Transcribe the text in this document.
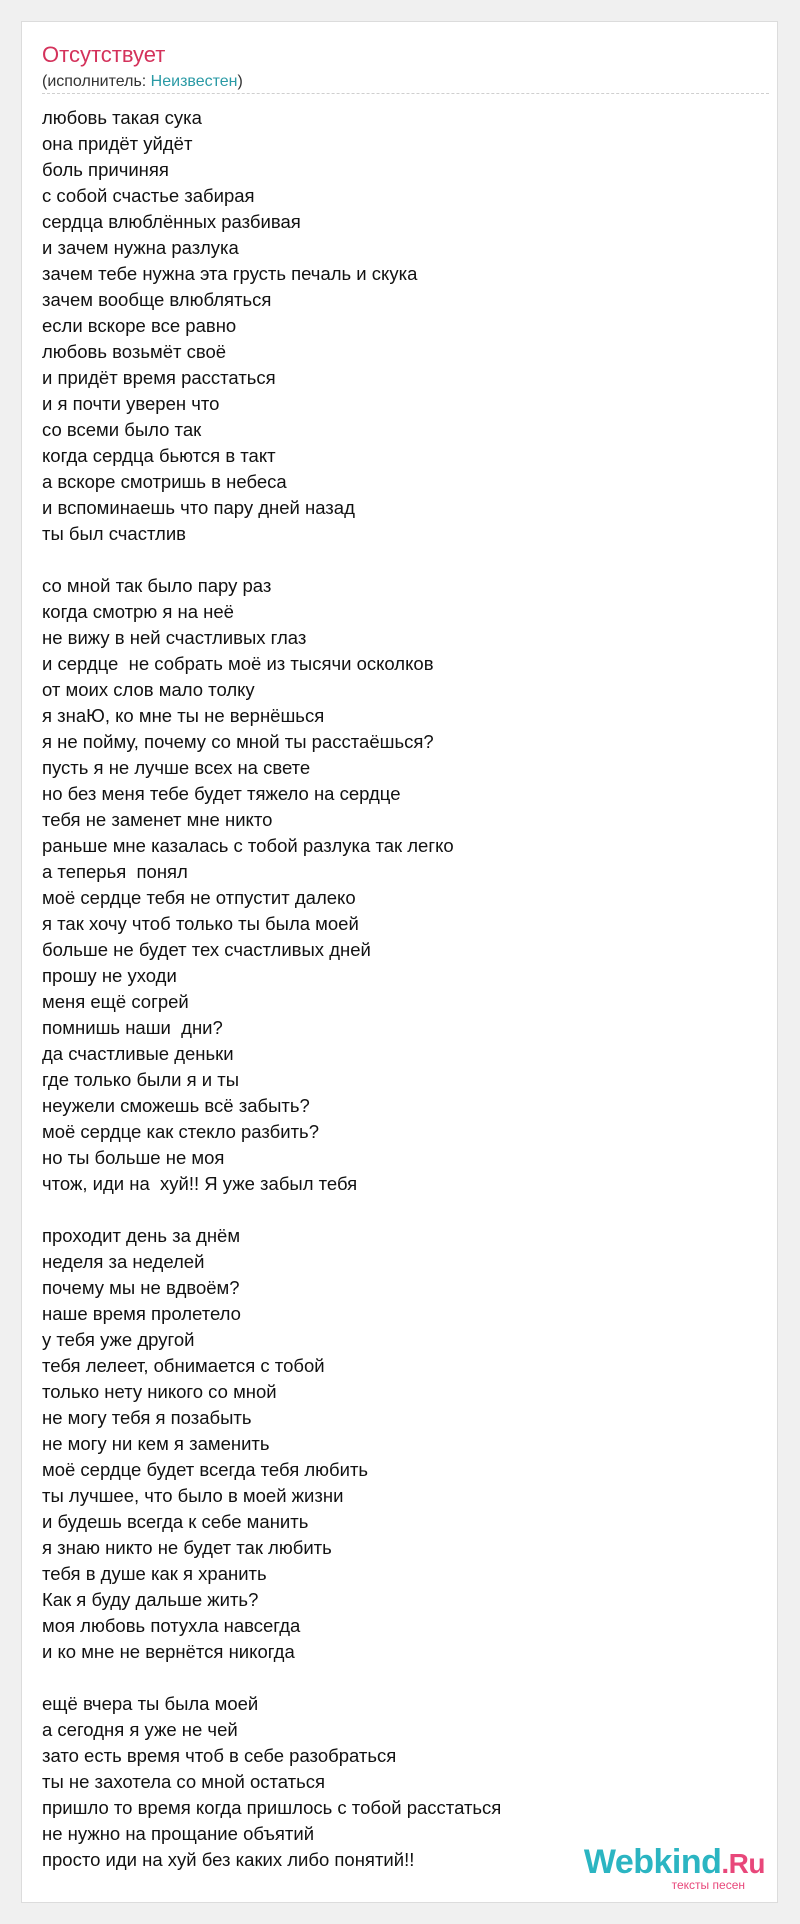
Отсутствует
(исполнитель: Неизвестен)
любовь такая сука
она придёт уйдёт
боль причиняя
с собой счастье забирая
сердца влюблённых разбивая
и зачем нужна разлука
зачем тебе нужна эта грусть печаль и скука
зачем вообще влюбляться
если вскоре все равно
любовь возьмёт своё
и придёт время расстаться
и я почти уверен что
со всеми было так
когда сердца бьются в такт
а вскоре смотришь в небеса
и вспоминаешь что пару дней назад
ты был счастлив
со мной так было пару раз
когда смотрю я на неё
не вижу в ней счастливых глаз
и сердце  не собрать моё из тысячи осколков
от моих слов мало толку
я знаЮ, ко мне ты не вернёшься
я не пойму, почему со мной ты расстаёшься?
пусть я не лучше всех на свете
но без меня тебе будет тяжело на сердце
тебя не заменет мне никто
раньше мне казалась с тобой разлука так легко
а теперья  понял
моё сердце тебя не отпустит далеко
я так хочу чтоб только ты была моей
больше не будет тех счастливых дней
прошу не уходи
меня ещё согрей
помнишь наши  дни?
да счастливые деньки
где только были я и ты
неужели сможешь всё забыть?
моё сердце как стекло разбить?
но ты больше не моя
чтож, иди на  хуй!! Я уже забыл тебя
проходит день за днём
неделя за неделей
почему мы не вдвоём?
наше время пролетело
у тебя уже другой
тебя лелеет, обнимается с тобой
только нету никого со мной
не могу тебя я позабыть
не могу ни кем я заменить
моё сердце будет всегда тебя любить
ты лучшее, что было в моей жизни
и будешь всегда к себе манить
я знаю никто не будет так любить
тебя в душе как я хранить
Как я буду дальше жить?
моя любовь потухла навсегда
и ко мне не вернётся никогда
ещё вчера ты была моей
а сегодня я уже не чей
зато есть время чтоб в себе разобраться
ты не захотела со мной остаться
пришло то время когда пришлось с тобой расстаться
не нужно на прощание объятий
просто иди на хуй без каких либо понятий!!	Webkind.Ru
тексты песен
